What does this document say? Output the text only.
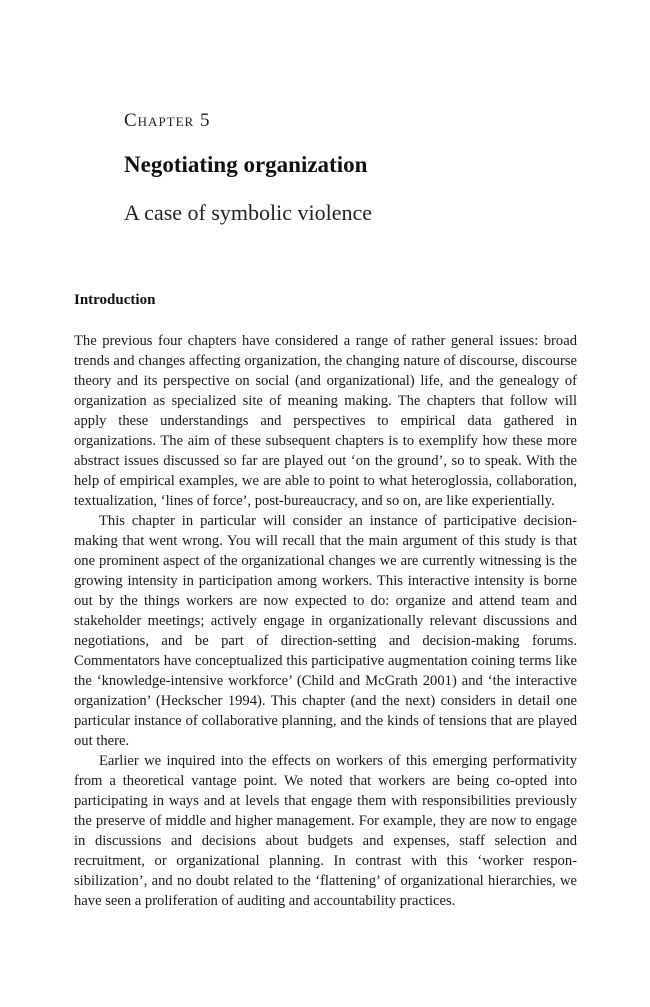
Chapter 5
Negotiating organization
A case of symbolic violence
Introduction

The previous four chapters have considered a range of rather general issues: broad trends and changes affecting organization, the changing nature of discourse, discourse theory and its perspective on social (and organizational) life, and the genealogy of organization as specialized site of meaning making. The chapters that follow will apply these understandings and perspectives to empirical data gathered in organizations. The aim of these subsequent chapters is to exemplify how these more abstract issues discussed so far are played out ‘on the ground’, so to speak. With the help of empirical examples, we are able to point to what heteroglossia, collaboration, textualization, ‘lines of force’, post-bureaucracy, and so on, are like experientially.

This chapter in particular will consider an instance of participative decision-making that went wrong. You will recall that the main argument of this study is that one prominent aspect of the organizational changes we are currently witnessing is the growing intensity in participation among workers. This interactive intensity is borne out by the things workers are now expected to do: organize and attend team and stakeholder meetings; actively engage in organizationally relevant discussions and negotiations, and be part of direction-setting and decision-making forums. Commentators have conceptualized this participative augmentation coining terms like the ‘knowledge-intensive workforce’ (Child and McGrath 2001) and ‘the interactive organization’ (Heckscher 1994). This chapter (and the next) considers in detail one particular instance of collaborative planning, and the kinds of tensions that are played out there.

Earlier we inquired into the effects on workers of this emerging performativity from a theoretical vantage point. We noted that workers are being co-opted into participating in ways and at levels that engage them with responsibilities previously the preserve of middle and higher management. For example, they are now to engage in discussions and decisions about budgets and expenses, staff selection and recruitment, or organizational planning. In contrast with this ‘worker responsibilization’, and no doubt related to the ‘flattening’ of organizational hierarchies, we have seen a proliferation of auditing and accountability practices.
